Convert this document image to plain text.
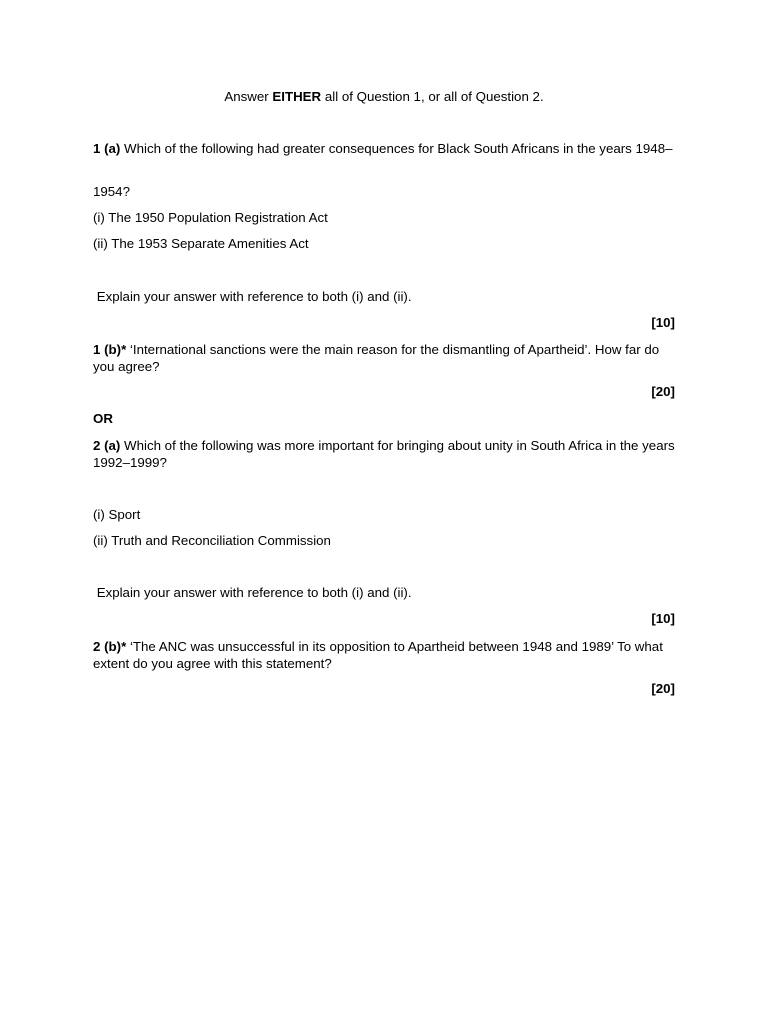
Answer EITHER all of Question 1, or all of Question 2.
1 (a) Which of the following had greater consequences for Black South Africans in the years 1948–
1954?
(i) The 1950 Population Registration Act
(ii) The 1953 Separate Amenities Act
Explain your answer with reference to both (i) and (ii).
[10]
1 (b)* ‘International sanctions were the main reason for the dismantling of Apartheid’. How far do you agree?
[20]
OR
2 (a) Which of the following was more important for bringing about unity in South Africa in the years 1992–1999?
(i) Sport
(ii) Truth and Reconciliation Commission
Explain your answer with reference to both (i) and (ii).
[10]
2 (b)* ‘The ANC was unsuccessful in its opposition to Apartheid between 1948 and 1989’ To what extent do you agree with this statement?
[20]
